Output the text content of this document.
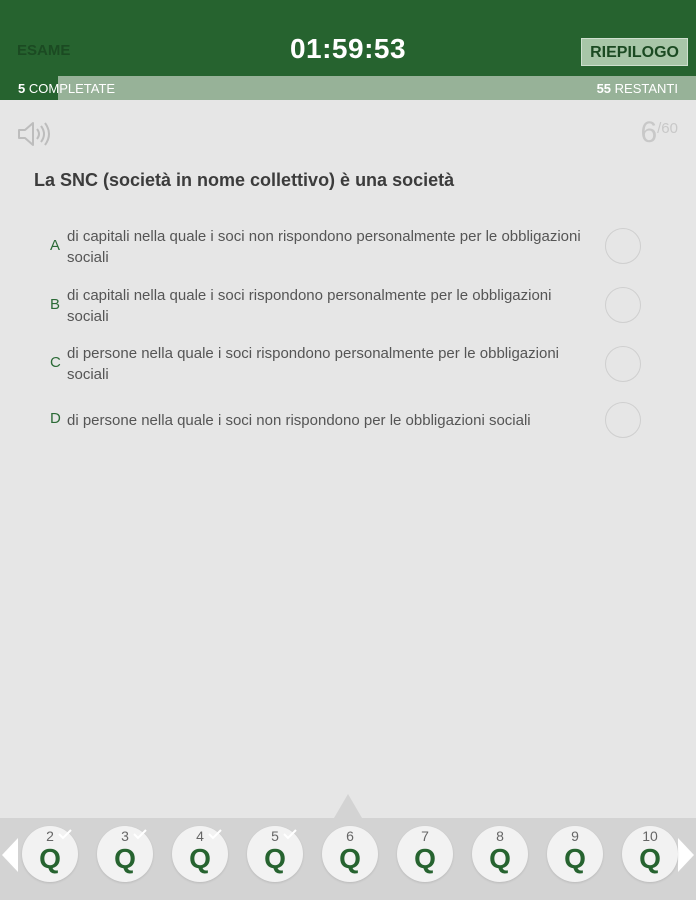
ESAME	01:59:53	RIEPILOGO
5 COMPLETATE	55 RESTANTI
6/60
La SNC (società in nome collettivo) è una società
A
di capitali nella quale i soci non rispondono personalmente per le obbligazioni sociali
B
di capitali nella quale i soci rispondono personalmente per le obbligazioni sociali
C
di persone nella quale i soci rispondono personalmente per le obbligazioni sociali
D di persone nella quale i soci non rispondono per le obbligazioni sociali
2
Q
3
Q
4
Q
5
Q
6
Q
7
Q
8
Q
9
Q
10
Q
